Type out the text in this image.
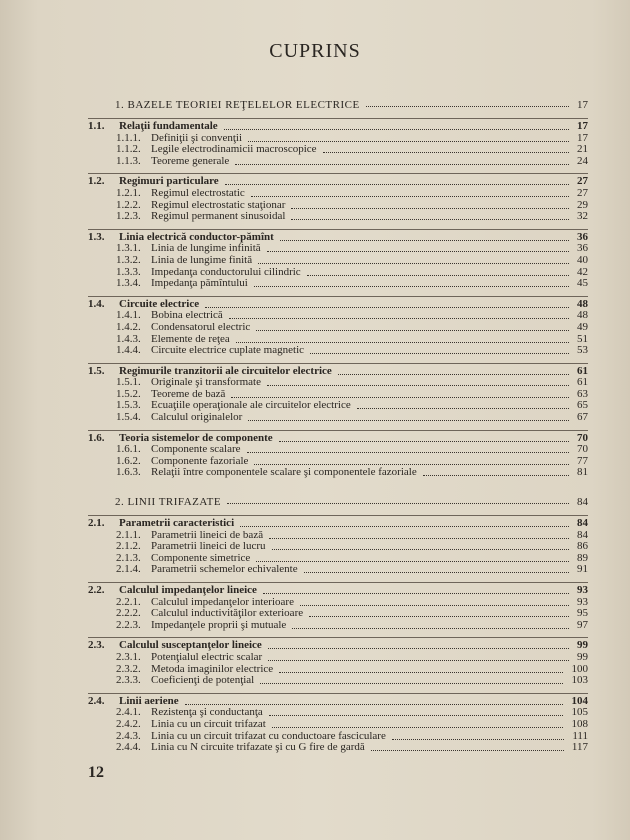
CUPRINS
1. BAZELE TEORIEI REŢELELOR ELECTRICE	17
1.1. Relaţii fundamentale	17
1.1.1. Definiţii şi convenţii	17
1.1.2. Legile electrodinamicii macroscopice	21
1.1.3. Teoreme generale	24
1.2. Regimuri particulare	27
1.2.1. Regimul electrostatic	27
1.2.2. Regimul electrostatic staţionar	29
1.2.3. Regimul permanent sinusoidal	32
1.3. Linia electrică conductor-pămînt	36
1.3.1. Linia de lungime infinită	36
1.3.2. Linia de lungime finită	40
1.3.3. Impedanţa conductorului cilindric	42
1.3.4. Impedanţa pămîntului	45
1.4. Circuite electrice	48
1.4.1. Bobina electrică	48
1.4.2. Condensatorul electric	49
1.4.3. Elemente de reţea	51
1.4.4. Circuite electrice cuplate magnetic	53
1.5. Regimurile tranzitorii ale circuitelor electrice	61
1.5.1. Originale şi transformate	61
1.5.2. Teoreme de bază	63
1.5.3. Ecuaţiile operaţionale ale circuitelor electrice	65
1.5.4. Calculul originalelor	67
1.6. Teoria sistemelor de componente	70
1.6.1. Componente scalare	70
1.6.2. Componente fazoriale	77
1.6.3. Relaţii între componentele scalare şi componentele fazoriale	81
2. LINII TRIFAZATE	84
2.1. Parametrii caracteristici	84
2.1.1. Parametrii lineici de bază	84
2.1.2. Parametrii lineici de lucru	86
2.1.3. Componente simetrice	89
2.1.4. Parametrii schemelor echivalente	91
2.2. Calculul impedanţelor lineice	93
2.2.1. Calculul impedanţelor interioare	93
2.2.2. Calculul inductivităţilor exterioare	95
2.2.3. Impedanţele proprii şi mutuale	97
2.3. Calculul susceptanţelor lineice	99
2.3.1. Potenţialul electric scalar	99
2.3.2. Metoda imaginilor electrice	100
2.3.3. Coeficienţi de potenţial	103
2.4. Linii aeriene	104
2.4.1. Rezistenţa şi conductanţa	105
2.4.2. Linia cu un circuit trifazat	108
2.4.3. Linia cu un circuit trifazat cu conductoare fasciculare	111
2.4.4. Linia cu N circuite trifazate şi cu G fire de gardă	117
12
